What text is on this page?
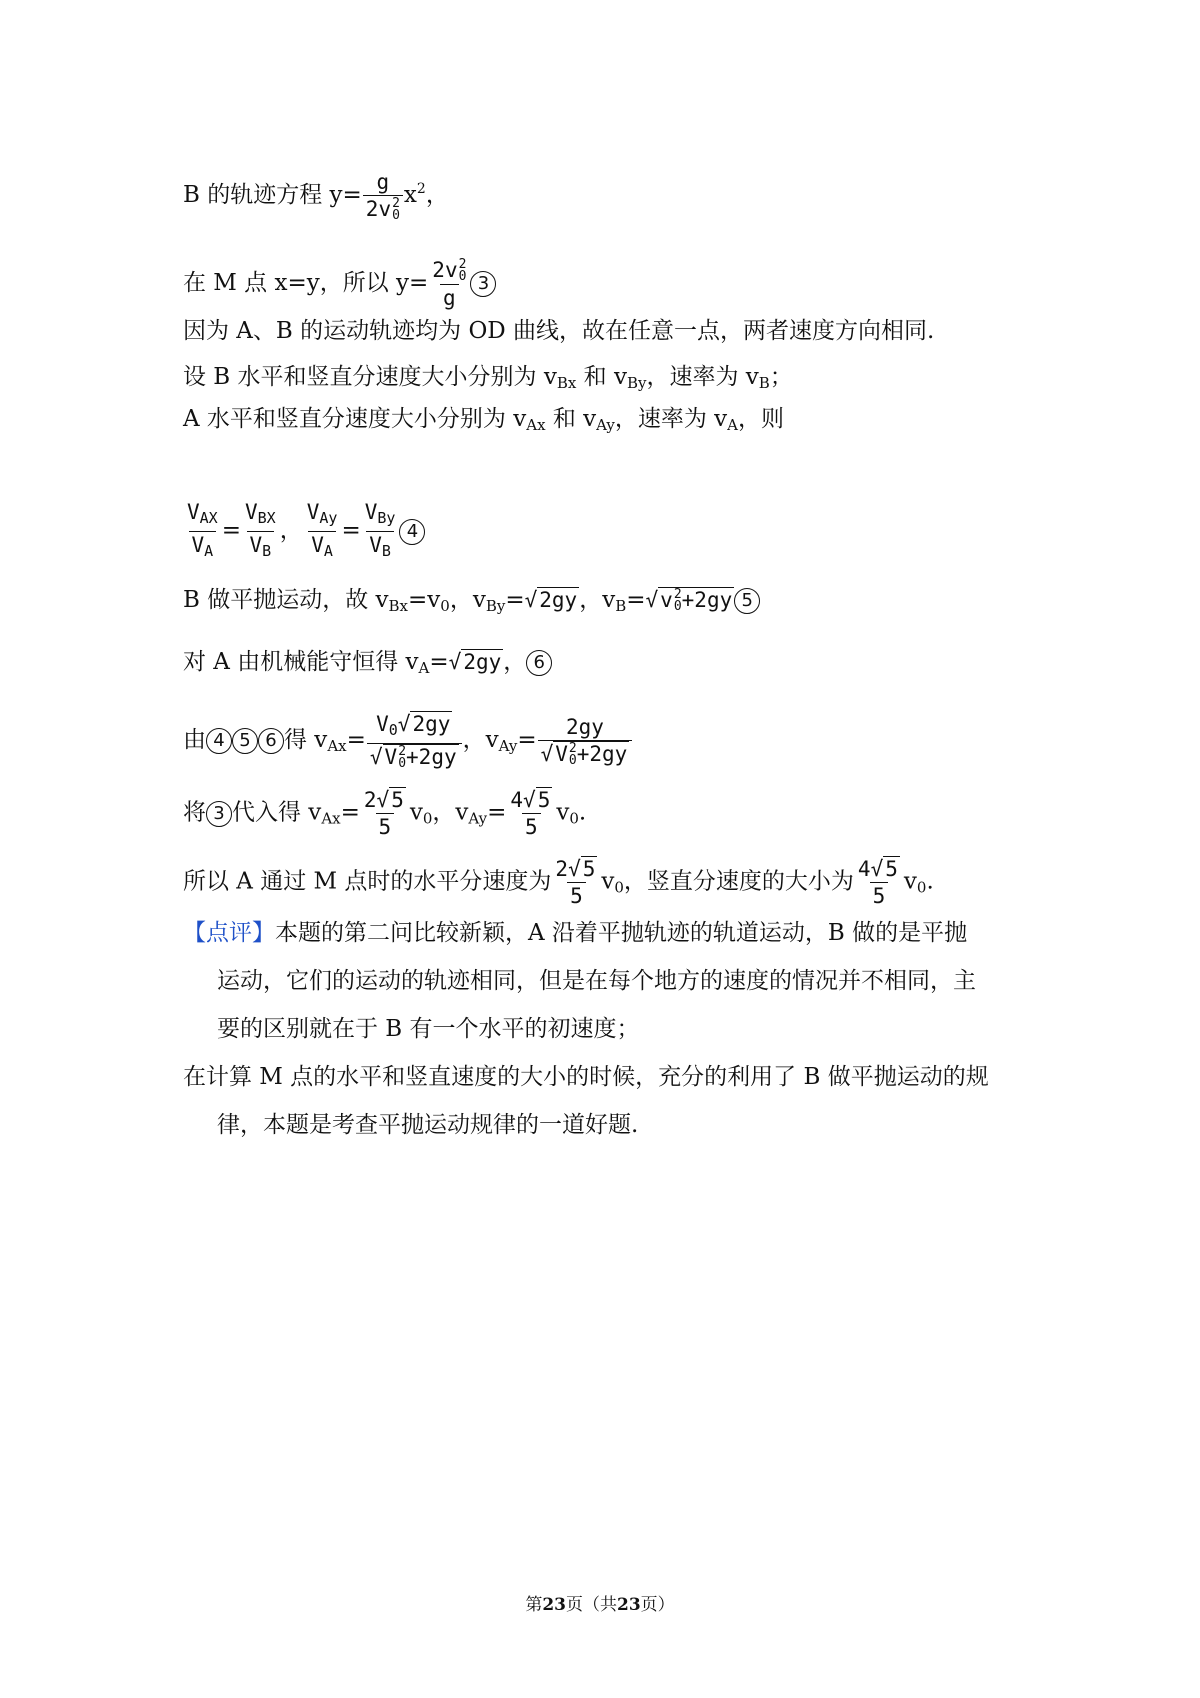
B 的轨迹方程 y= g
2v 2
0 $x^2$，
在 M 点 x=y，所以 y= 2v 2
0
g 3
因为 A、B 的运动轨迹均为 OD 曲线，故在任意一点，两者速度方向相同.
设 B 水平和竖直分速度大小分别为 $v_{Bx}$ 和 $v_{By}$，速率为 $v_B$；
A 水平和竖直分速度大小分别为 $v_{Ax}$ 和 $v_{Ay}$，速率为 $v_A$，则
$\frac{V_{AX}}{V_A} = \frac{V_{BX}}{V_B}$ ， $\frac{V_{Ay}}{V_A} = \frac{V_{By}}{V_B} 4$
B 做平抛运动，故 $v_{Bx}=v_0$，$v_{By}=√2gy$，$v_B=√v$ 2
0 +2gy 5
对 A 由机械能守恒得 $v_A=√2gy$， 6
由 4 5 6 得 $v_{Ax}= V_0√2gy$
√V 2
0 +2gy ，$v_{Ay}= 2gy$
√V 2
0 +2gy
将 3 代入得 $v_{Ax}= \frac{2√5}{5} v_0$，$v_{Ay}= \frac{4√5}{5} v_0$.
所以 A 通过 M 点时的水平分速度为 $\frac{2√5}{5} v_0$，竖直分速度的大小为 $\frac{4√5}{5} v_0$.
【点评】本题的第二问比较新颖，A 沿着平抛轨迹的轨道运动，B 做的是平抛
运动，它们的运动的轨迹相同，但是在每个地方的速度的情况并不相同，主
要的区别就在于 B 有一个水平的初速度；
在计算 M 点的水平和竖直速度的大小的时候，充分的利用了 B 做平抛运动的规
律，本题是考查平抛运动规律的一道好题.
第23页（共23页）
